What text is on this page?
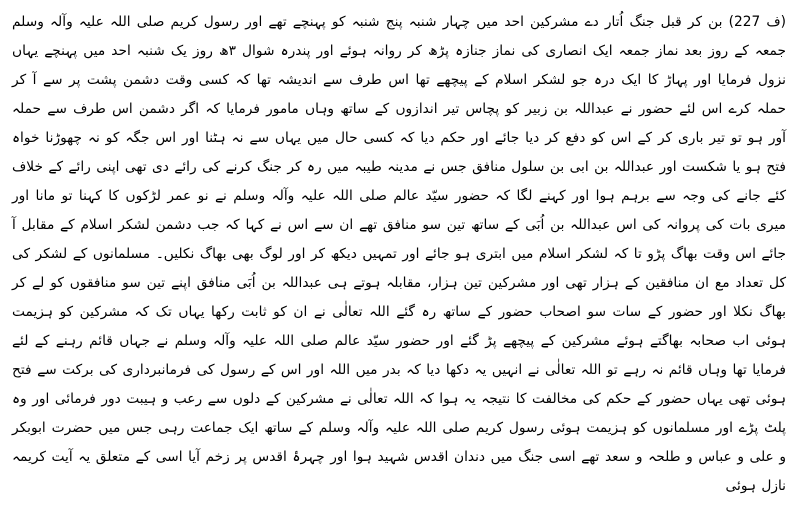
(ف 227) بن کر قبل جنگ اُتار دے مشرکین احد میں چہار شنبہ پنج شنبہ کو پہنچے تھے اور رسول کریم صلی اللہ علیہ وآلہ وسلم جمعہ کے روز بعد نماز جمعہ ایک انصاری کی نماز جنازہ پڑھ کر روانہ ہوئے اور پندرہ شوال ۳ھ روز یک شنبہ احد میں پہنچے یہاں نزول فرمایا اور پہاڑ کا ایک درہ جو لشکر اسلام کے پیچھے تھا اس طرف سے اندیشہ تھا کہ کسی وقت دشمن پشت پر سے آ کر حملہ کرے اس لئے حضور نے عبداللہ بن زبیر کو پچاس تیر اندازوں کے ساتھ وہاں مامور فرمایا کہ اگر دشمن اس طرف سے حملہ آور ہو تو تیر باری کر کے اس کو دفع کر دیا جائے اور حکم دیا کہ کسی حال میں یہاں سے نہ ہٹنا اور اس جگہ کو نہ چھوڑنا خواہ فتح ہو یا شکست اور عبداللہ بن ابی بن سلول منافق جس نے مدینہ طیبہ میں رہ کر جنگ کرنے کی رائے دی تھی اپنی رائے کے خلاف کئے جانے کی وجہ سے برہم ہوا اور کہنے لگا کہ حضور سیّد عالم صلی اللہ علیہ وآلہ وسلم نے نو عمر لڑکوں کا کہنا تو مانا اور میری بات کی پروانہ کی اس عبداللہ بن اُبَی کے ساتھ تین سو منافق تھے ان سے اس نے کہا کہ جب دشمن لشکر اسلام کے مقابل آ جائے اس وقت بھاگ پڑو تا کہ لشکر اسلام میں ابتری ہو جائے اور تمہیں دیکھ کر اور لوگ بھی بھاگ نکلیں۔ مسلمانوں کے لشکر کی کل تعداد مع ان منافقین کے ہزار تھی اور مشرکین تین ہزار، مقابلہ ہوتے ہی عبداللہ بن اُبَی منافق اپنے تین سو منافقوں کو لے کر بھاگ نکلا اور حضور کے سات سو اصحاب حضور کے ساتھ رہ گئے اللہ تعالٰی نے ان کو ثابت رکھا یہاں تک کہ مشرکین کو ہزیمت ہوئی اب صحابہ بھاگتے ہوئے مشرکین کے پیچھے پڑ گئے اور حضور سیّد عالم صلی اللہ علیہ وآلہ وسلم نے جہاں قائم رہنے کے لئے فرمایا تھا وہاں قائم نہ رہے تو اللہ تعالٰی نے انہیں یہ دکھا دیا کہ بدر میں اللہ اور اس کے رسول کی فرمانبرداری کی برکت سے فتح ہوئی تھی یہاں حضور کے حکم کی مخالفت کا نتیجہ یہ ہوا کہ اللہ تعالٰی نے مشرکین کے دلوں سے رعب و ہیبت دور فرمائی اور وہ پلٹ پڑے اور مسلمانوں کو ہزیمت ہوئی رسول کریم صلی اللہ علیہ وآلہ وسلم کے ساتھ ایک جماعت رہی جس میں حضرت ابوبکر و علی و عباس و طلحہ و سعد تھے اسی جنگ میں دندان اقدس شہید ہوا اور چہرۂ اقدس پر زخم آیا اسی کے متعلق یہ آیت کریمہ نازل ہوئی
